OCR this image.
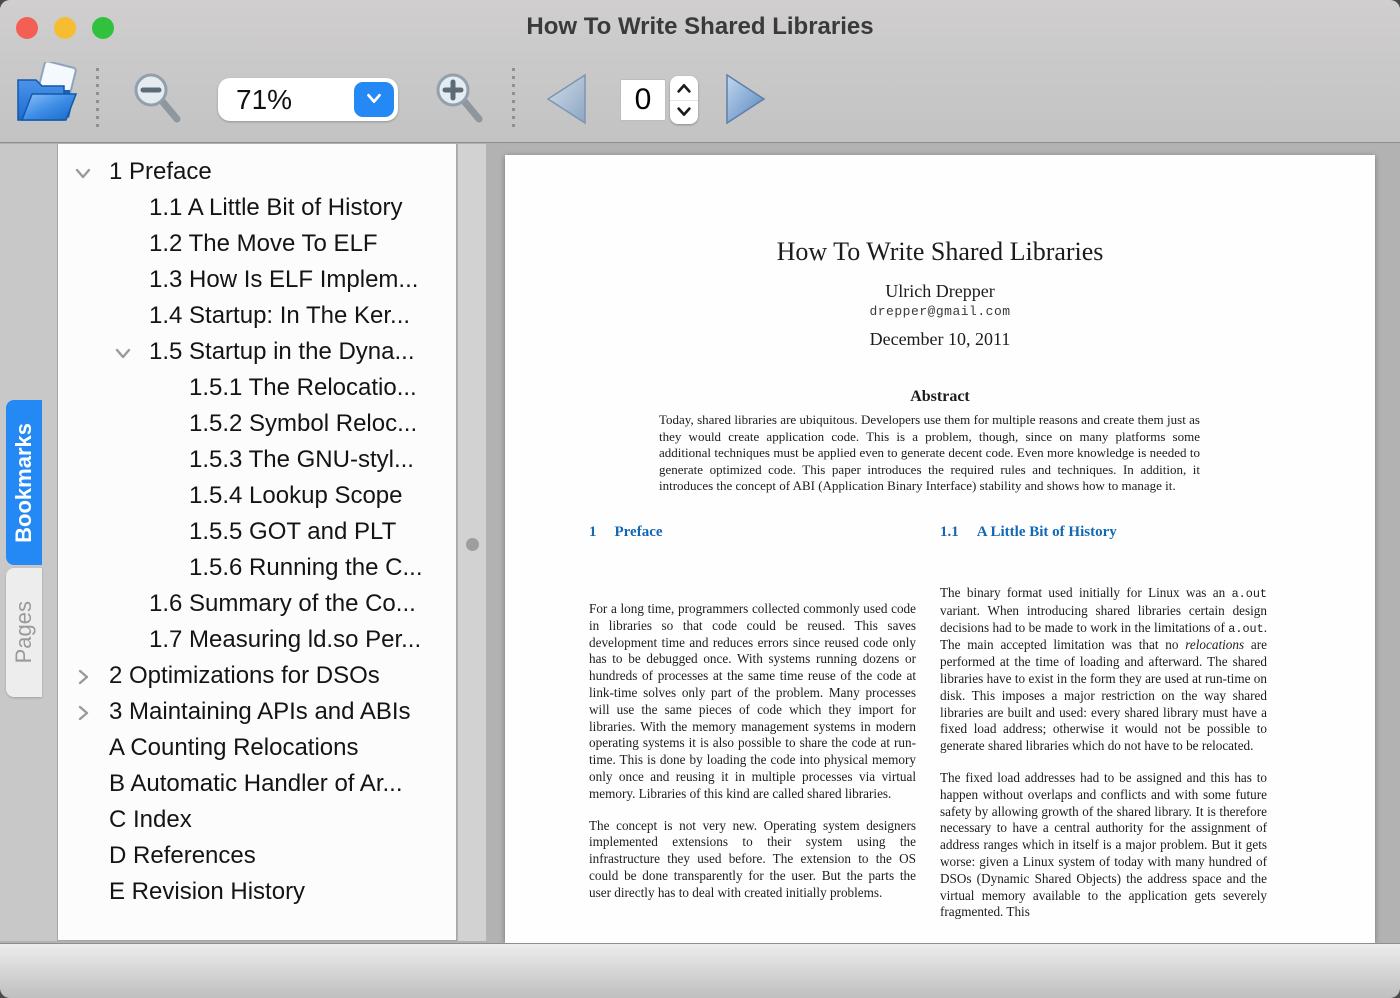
How To Write Shared Libraries
71%
0
Bookmarks
Pages
1 Preface
1.1 A Little Bit of History
1.2 The Move To ELF
1.3 How Is ELF Implem...
1.4 Startup: In The Ker...
1.5 Startup in the Dyna...
1.5.1 The Relocatio...
1.5.2 Symbol Reloc...
1.5.3 The GNU-styl...
1.5.4 Lookup Scope
1.5.5 GOT and PLT
1.5.6 Running the C...
1.6 Summary of the Co...
1.7 Measuring ld.so Per...
2 Optimizations for DSOs
3 Maintaining APIs and ABIs
A Counting Relocations
B Automatic Handler of Ar...
C Index
D References
E Revision History
How To Write Shared Libraries
Ulrich Drepper
drepper@gmail.com
December 10, 2011
Abstract
Today, shared libraries are ubiquitous. Developers use them for multiple reasons and create them just as they would create application code. This is a problem, though, since on many platforms some additional techniques must be applied even to generate decent code. Even more knowledge is needed to generate optimized code. This paper introduces the required rules and techniques. In addition, it introduces the concept of ABI (Application Binary Interface) stability and shows how to manage it.
1 Preface	1.1 A Little Bit of History

For a long time, programmers collected commonly used code in libraries so that code could be reused. This saves development time and reduces errors since reused code only has to be debugged once. With systems running dozens or hundreds of processes at the same time reuse of the code at link-time solves only part of the problem. Many processes will use the same pieces of code which they import for libraries. With the memory management systems in modern operating systems it is also possible to share the code at run-time. This is done by loading the code into physical memory only once and reusing it in multiple processes via virtual memory. Libraries of this kind are called shared libraries.

The concept is not very new. Operating system designers implemented extensions to their system using the infrastructure they used before. The extension to the OS could be done transparently for the user. But the parts the user directly has to deal with created initially problems.

The binary format used initially for Linux was an a.out variant. When introducing shared libraries certain design decisions had to be made to work in the limitations of a.out. The main accepted limitation was that no relocations are performed at the time of loading and afterward. The shared libraries have to exist in the form they are used at run-time on disk. This imposes a major restriction on the way shared libraries are built and used: every shared library must have a fixed load address; otherwise it would not be possible to generate shared libraries which do not have to be relocated.

The fixed load addresses had to be assigned and this has to happen without overlaps and conflicts and with some future safety by allowing growth of the shared library. It is therefore necessary to have a central authority for the assignment of address ranges which in itself is a major problem. But it gets worse: given a Linux system of today with many hundred of DSOs (Dynamic Shared Objects) the address space and the virtual memory available to the application gets severely fragmented. This
